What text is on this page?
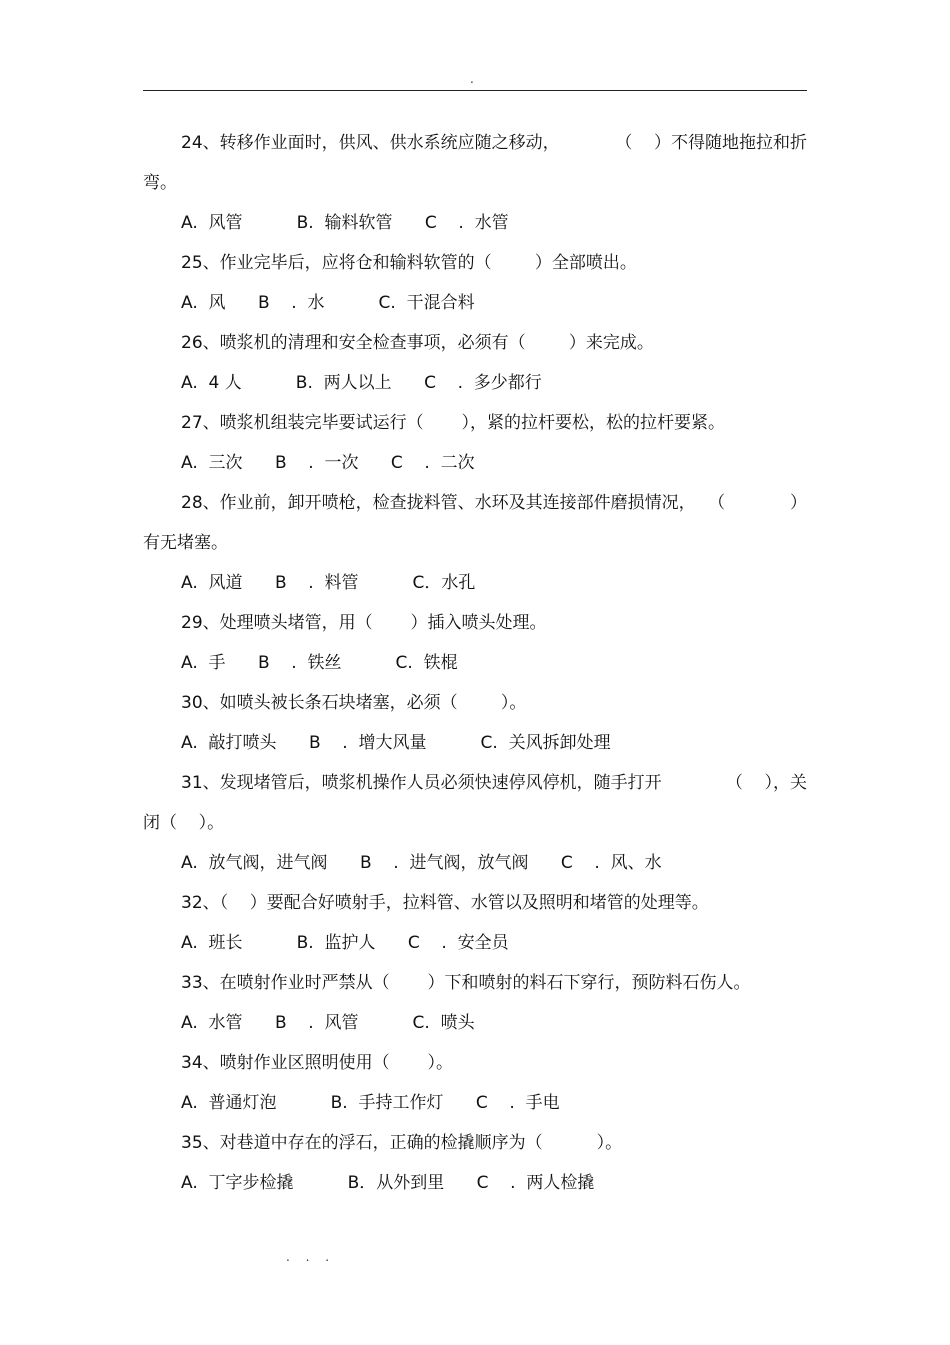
.
24、转移作业面时，供风、供水系统应随之移动，	（    ）不得随地拖拉和折
弯。
A.  风管          B.  输料软管      C    .  水管
25、作业完毕后，应将仓和输料软管的（        ）全部喷出。
A.  风      B    .  水          C.  干混合料
26、喷浆机的清理和安全检查事项，必须有（        ）来完成。
A.  4 人          B.  两人以上      C    .  多少都行
27、喷浆机组装完毕要试运行（       ），紧的拉杆要松，松的拉杆要紧。
A.  三次      B    .  一次      C    .  二次
28、作业前，卸开喷枪，检查拢料管、水环及其连接部件磨损情况， （            ）
有无堵塞。
A.  风道      B    .  料管          C．水孔
29、处理喷头堵管，用（       ）插入喷头处理。
A.  手      B    .  铁丝          C.  铁棍
30、如喷头被长条石块堵塞，必须（        ）。
A.  敲打喷头      B    .  增大风量          C.  关风拆卸处理
31、发现堵管后，喷浆机操作人员必须快速停风停机，随手打开	（    ），关
闭（    ）。
A.  放气阀，进气阀      B    .  进气阀，放气阀      C    .  风、水
32、（    ）要配合好喷射手，拉料管、水管以及照明和堵管的处理等。
A.  班长          B.  监护人      C    .  安全员
33、在喷射作业时严禁从（       ）下和喷射的料石下穿行，预防料石伤人。
A.  水管      B    .  风管          C.  喷头
34、喷射作业区照明使用（       ）。
A.  普通灯泡          B.  手持工作灯      C    .  手电
35、对巷道中存在的浮石，正确的检撬顺序为（          ）。
A.  丁字步检撬          B．从外到里      C    .  两人检撬
. . .
